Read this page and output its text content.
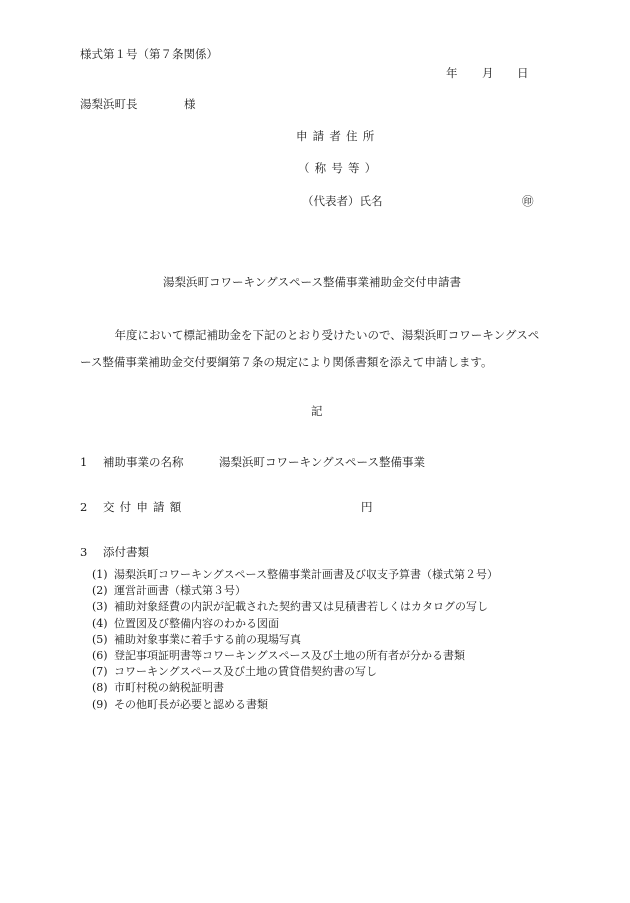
様式第１号（第７条関係）
年 月 日
湯梨浜町長	様
申請者住所
（称号等）
（代表者）氏名	㊞
湯梨浜町コワーキングスペース整備事業補助金交付申請書
年度において標記補助金を下記のとおり受けたいので、湯梨浜町コワーキングスペ
ース整備事業補助金交付要綱第７条の規定により関係書類を添えて申請します。
記
1 補助事業の名称	湯梨浜町コワーキングスペース整備事業
2 交付申請額	円
3 添付書類
(1) 湯梨浜町コワーキングスペース整備事業計画書及び収支予算書（様式第２号）
(2) 運営計画書（様式第３号）
(3) 補助対象経費の内訳が記載された契約書又は見積書若しくはカタログの写し
(4) 位置図及び整備内容のわかる図面
(5) 補助対象事業に着手する前の現場写真
(6) 登記事項証明書等コワーキングスペース及び土地の所有者が分かる書類
(7) コワーキングスペース及び土地の賃貸借契約書の写し
(8) 市町村税の納税証明書
(9) その他町長が必要と認める書類
